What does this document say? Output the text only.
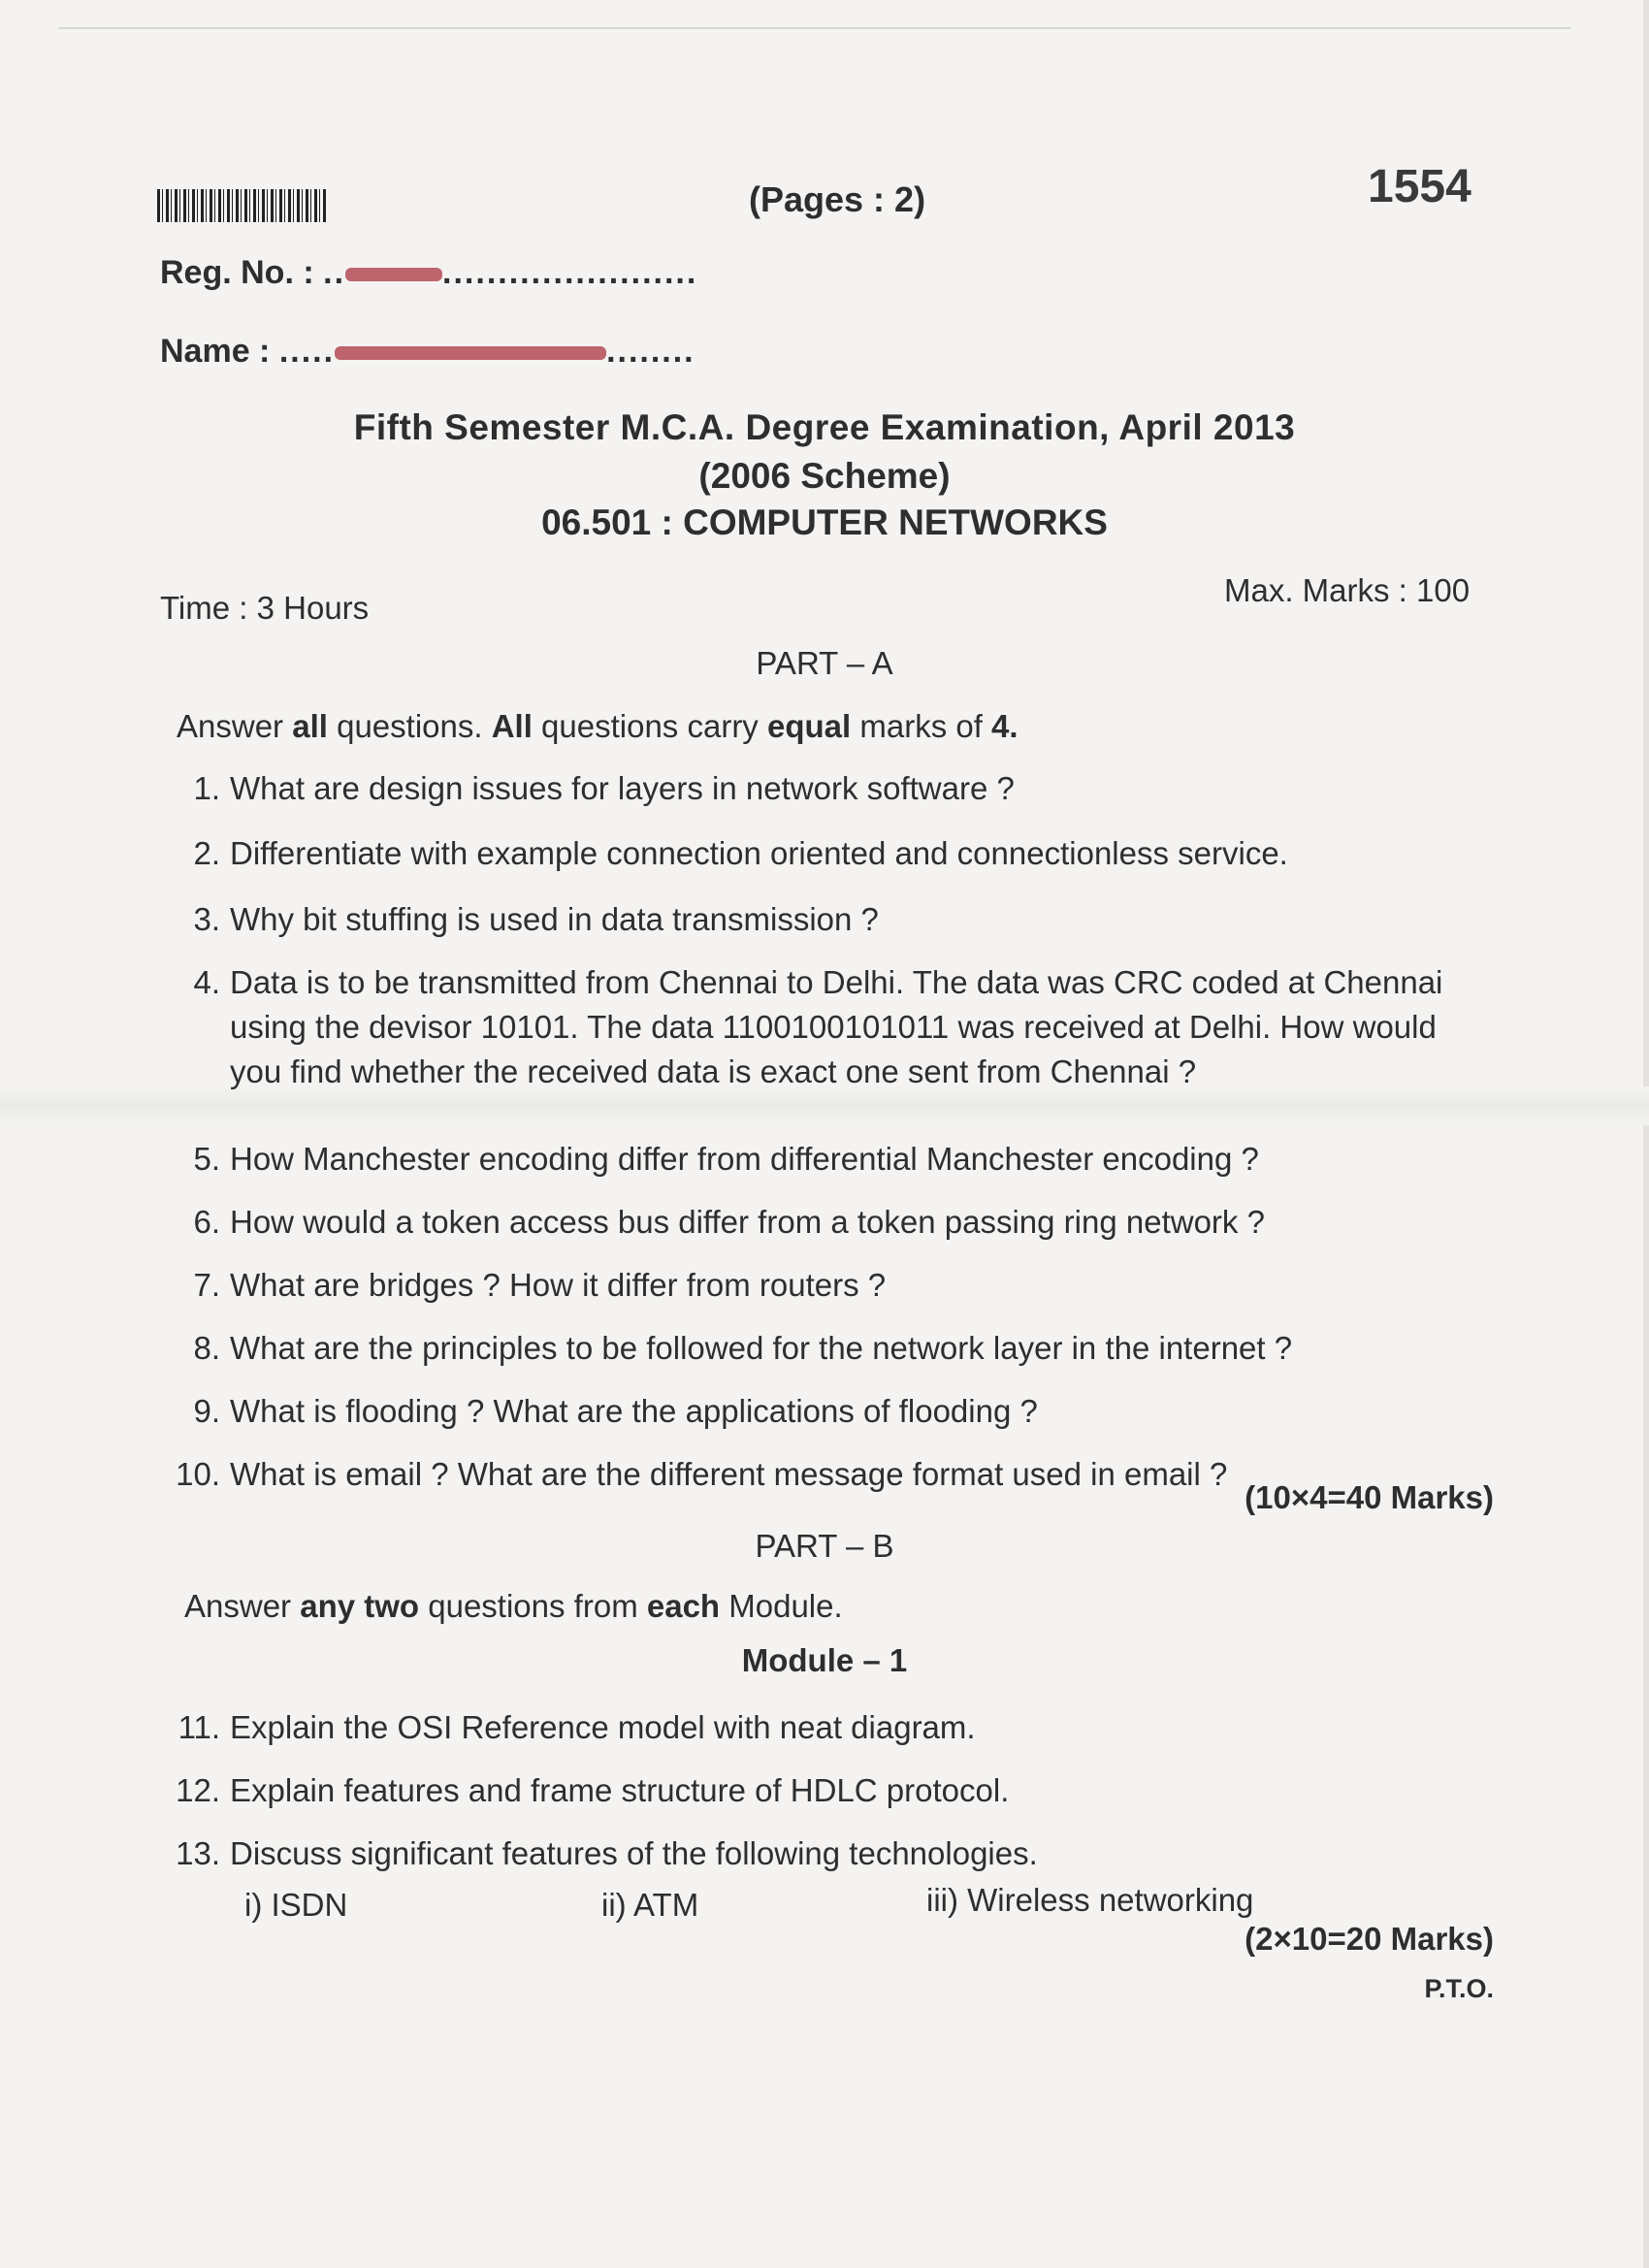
(Pages : 2)	1554
Reg. No. : ..	.......................
Name : .....	........
Fifth Semester M.C.A. Degree Examination, April 2013
(2006 Scheme)
06.501 : COMPUTER NETWORKS
Time : 3 Hours	Max. Marks : 100
PART – A
Answer all questions. All questions carry equal marks of 4.
1. What are design issues for layers in network software ?
2. Differentiate with example connection oriented and connectionless service.
3. Why bit stuffing is used in data transmission ?
4. Data is to be transmitted from Chennai to Delhi. The data was CRC coded at Chennai using the devisor 10101. The data 1100100101011 was received at Delhi. How would you find whether the received data is exact one sent from Chennai ?
5. How Manchester encoding differ from differential Manchester encoding ?
6. How would a token access bus differ from a token passing ring network ?
7. What are bridges ? How it differ from routers ?
8. What are the principles to be followed for the network layer in the internet ?
9. What is flooding ? What are the applications of flooding ?
10. What is email ? What are the different message format used in email ?
(10×4=40 Marks)
PART – B
Answer any two questions from each Module.
Module – 1
11. Explain the OSI Reference model with neat diagram.
12. Explain features and frame structure of HDLC protocol.
13. Discuss significant features of the following technologies.
i) ISDN	ii) ATM	iii) Wireless networking
(2×10=20 Marks)
P.T.O.
